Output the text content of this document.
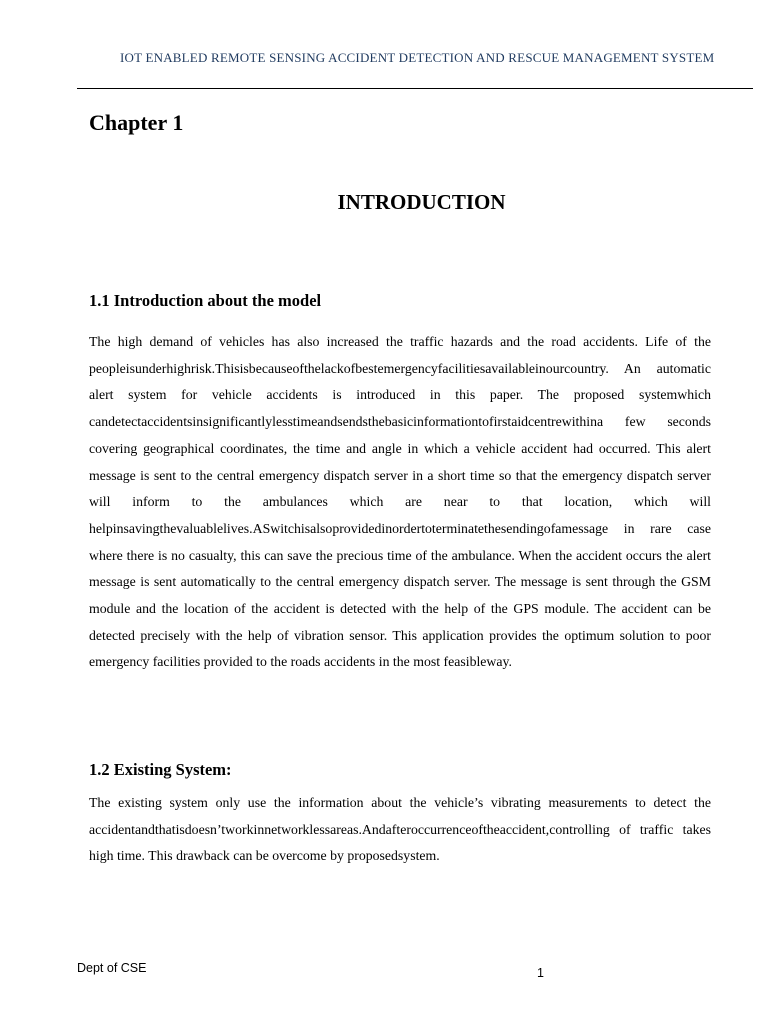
IOT ENABLED REMOTE SENSING ACCIDENT DETECTION AND RESCUE MANAGEMENT SYSTEM
Chapter 1
INTRODUCTION
1.1 Introduction about the model

The high demand of vehicles has also increased the traffic hazards and the road accidents. Life of the peopleisunderhighrisk.Thisisbecauseofthelackofbestemergencyfacilitiesavailableinourcountry. An automatic alert system for vehicle accidents is introduced in this paper. The proposed systemwhich candetectaccidentsinsignificantlylesstimeandsendsthebasicinformationtofirstaidcentrewithina few seconds covering geographical coordinates, the time and angle in which a vehicle accident had occurred. This alert message is sent to the central emergency dispatch server in a short time so that the emergency dispatch server will inform to the ambulances which are near to that location, which will helpinsavingthevaluablelives.ASwitchisalsoprovidedinordertoterminatethesendingofamessage in rare case where there is no casualty, this can save the precious time of the ambulance. When the accident occurs the alert message is sent automatically to the central emergency dispatch server. The message is sent through the GSM module and the location of the accident is detected with the help of the GPS module. The accident can be detected precisely with the help of vibration sensor. This application provides the optimum solution to poor emergency facilities provided to the roads accidents in the most feasibleway.

1.2 Existing System:

The existing system only use the information about the vehicle’s vibrating measurements to detect the accidentandthatisdoesn’tworkinnetworklessareas.Andafteroccurrenceoftheaccident,controlling of traffic takes high time. This drawback can be overcome by proposedsystem.

Dept of CSE	1
